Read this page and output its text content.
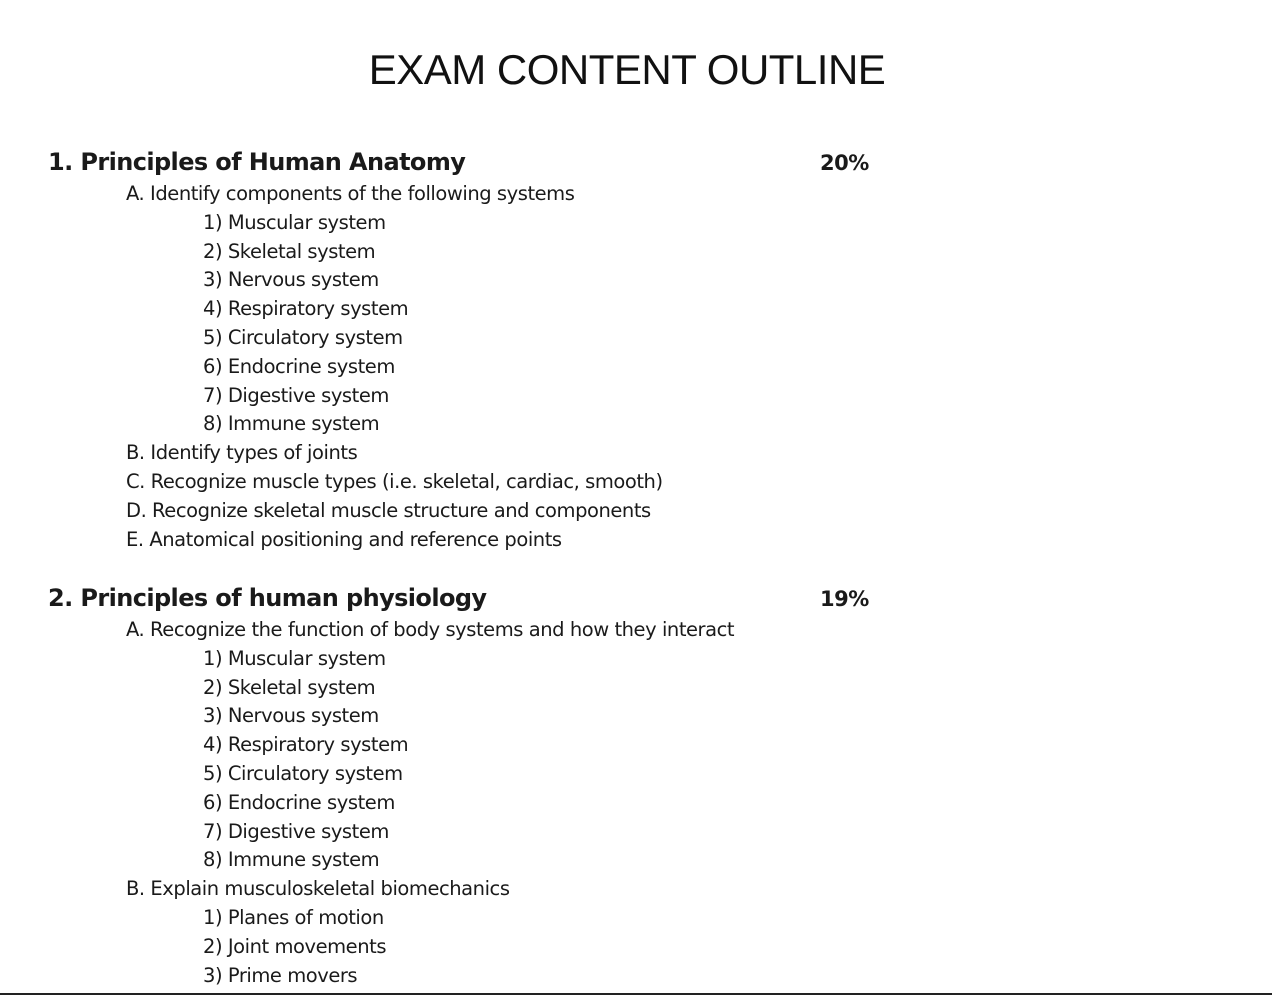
EXAM CONTENT OUTLINE
1. Principles of Human Anatomy	20%
A. Identify components of the following systems
1) Muscular system
2) Skeletal system
3) Nervous system
4) Respiratory system
5) Circulatory system
6) Endocrine system
7) Digestive system
8) Immune system
B. Identify types of joints
C. Recognize muscle types (i.e. skeletal, cardiac, smooth)
D. Recognize skeletal muscle structure and components
E. Anatomical positioning and reference points
2. Principles of human physiology	19%
A. Recognize the function of body systems and how they interact
1) Muscular system
2) Skeletal system
3) Nervous system
4) Respiratory system
5) Circulatory system
6) Endocrine system
7) Digestive system
8) Immune system
B. Explain musculoskeletal biomechanics
1) Planes of motion
2) Joint movements
3) Prime movers
